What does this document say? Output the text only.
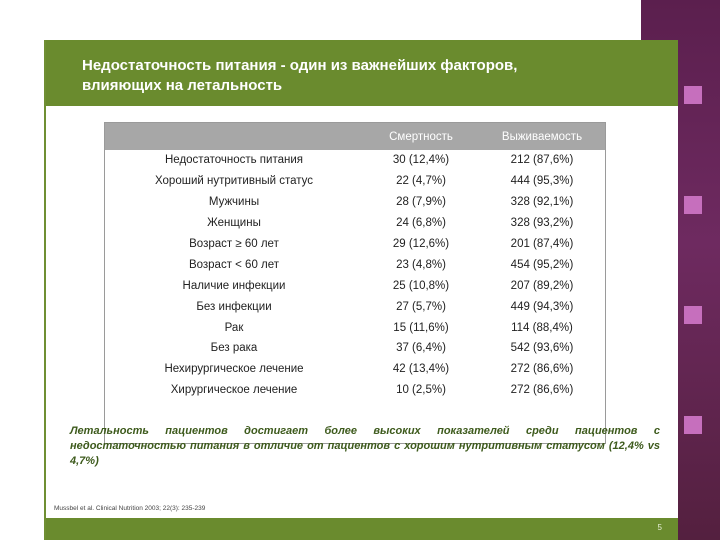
Недостаточность питания - один из важнейших факторов,
влияющих на летальность
	Смертность	Выживаемость
Недостаточность питания	30 (12,4%)	212 (87,6%)
Хороший нутритивный статус	22 (4,7%)	444 (95,3%)
Мужчины	28 (7,9%)	328 (92,1%)
Женщины	24 (6,8%)	328 (93,2%)
Возраст ≥ 60 лет	29 (12,6%)	201 (87,4%)
Возраст < 60 лет	23 (4,8%)	454 (95,2%)
Наличие инфекции	25 (10,8%)	207 (89,2%)
Без инфекции	27 (5,7%)	449 (94,3%)
Рак	15 (11,6%)	114 (88,4%)
Без рака	37 (6,4%)	542 (93,6%)
Нехирургическое лечение	42 (13,4%)	272 (86,6%)
Хирургическое лечение	10 (2,5%)	272 (86,6%)
Летальность пациентов достигает более высоких показателей среди пациентов с недостаточностью питания в отличие от пациентов с хорошим нутритивным статусом (12,4% vs 4,7%)
Mussbel et al. Clinical Nutrition 2003; 22(3): 235-239
5
